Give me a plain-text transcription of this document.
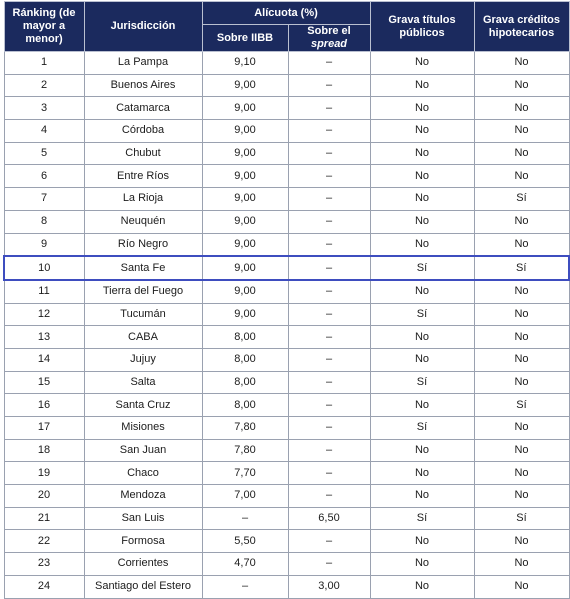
Ránking (de mayor a menor)	Jurisdicción	Alícuota (%)		Grava títulos públicos	Grava créditos hipotecarios
		Sobre IIBB	Sobre el spread		
1	La Pampa	9,10	–	No	No
2	Buenos Aires	9,00	–	No	No
3	Catamarca	9,00	–	No	No
4	Córdoba	9,00	–	No	No
5	Chubut	9,00	–	No	No
6	Entre Ríos	9,00	–	No	No
7	La Rioja	9,00	–	No	Sí
8	Neuquén	9,00	–	No	No
9	Río Negro	9,00	–	No	No
10	Santa Fe	9,00	–	Sí	Sí
11	Tierra del Fuego	9,00	–	No	No
12	Tucumán	9,00	–	Sí	No
13	CABA	8,00	–	No	No
14	Jujuy	8,00	–	No	No
15	Salta	8,00	–	Sí	No
16	Santa Cruz	8,00	–	No	Sí
17	Misiones	7,80	–	Sí	No
18	San Juan	7,80	–	No	No
19	Chaco	7,70	–	No	No
20	Mendoza	7,00	–	No	No
21	San Luis	–	6,50	Sí	Sí
22	Formosa	5,50	–	No	No
23	Corrientes	4,70	–	No	No
24	Santiago del Estero	–	3,00	No	No
